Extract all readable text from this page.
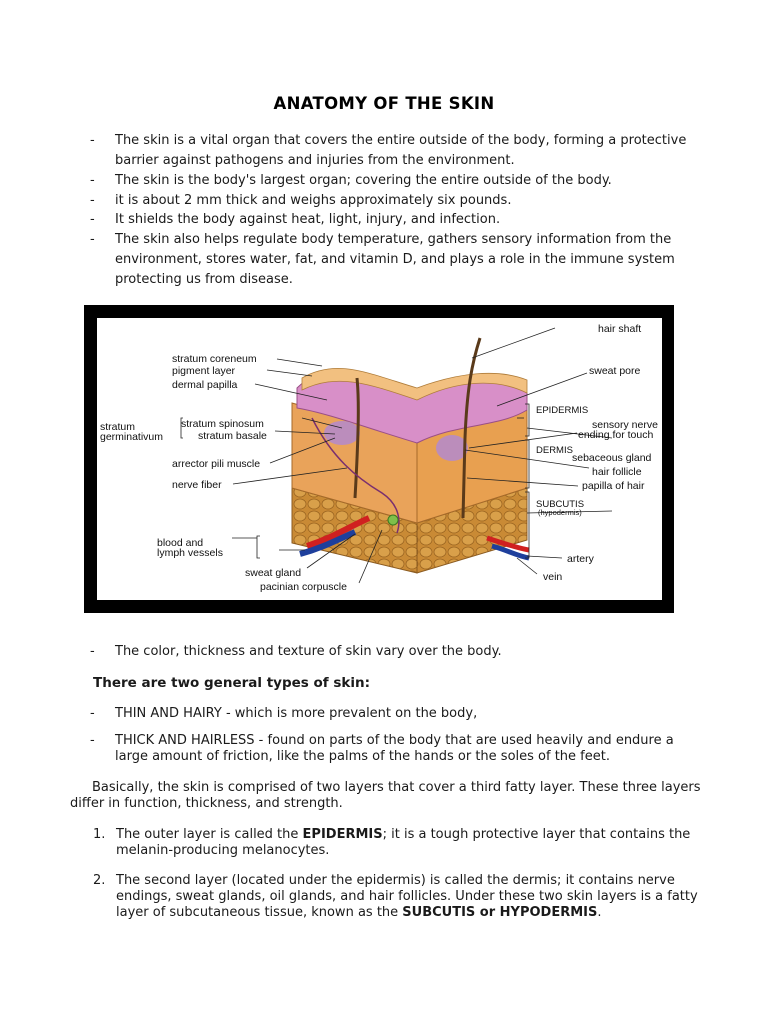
ANATOMY OF THE SKIN
-	The skin is a vital organ that covers the entire outside of the body, forming a protective barrier against pathogens and injuries from the environment.
-	The skin is the body's largest organ; covering the entire outside of the body.
-	it is about 2 mm thick and weighs approximately six pounds.
-	It shields the body against heat, light, injury, and infection.
-	The skin also helps regulate body temperature, gathers sensory information from the environment, stores water, fat, and vitamin D, and plays a role in the immune system protecting us from disease.
hair shaft
stratum coreneum
pigment layer
dermal papilla
sweat pore
EPIDERMIS
stratum
germinativum
stratum spinosum
stratum basale
sensory nerve
ending for touch
DERMIS
arrector pili muscle	sebaceous gland
hair follicle
nerve fiber	papilla of hair
SUBCUTIS
(hypodermis)
blood and
lymph vessels	artery
sweat gland	vein
pacinian corpuscle
-	The color, thickness and texture of skin vary over the body.
There are two general types of skin:
-	THIN AND HAIRY - which is more prevalent on the body,
-	THICK AND HAIRLESS - found on parts of the body that are used heavily and endure a large amount of friction, like the palms of the hands or the soles of the feet.
Basically, the skin is comprised of two layers that cover a third fatty layer. These three layers differ in function, thickness, and strength.
1. The outer layer is called the EPIDERMIS; it is a tough protective layer that contains the melanin-producing melanocytes.
2. The second layer (located under the epidermis) is called the dermis; it contains nerve endings, sweat glands, oil glands, and hair follicles. Under these two skin layers is a fatty layer of subcutaneous tissue, known as the SUBCUTIS or HYPODERMIS.
